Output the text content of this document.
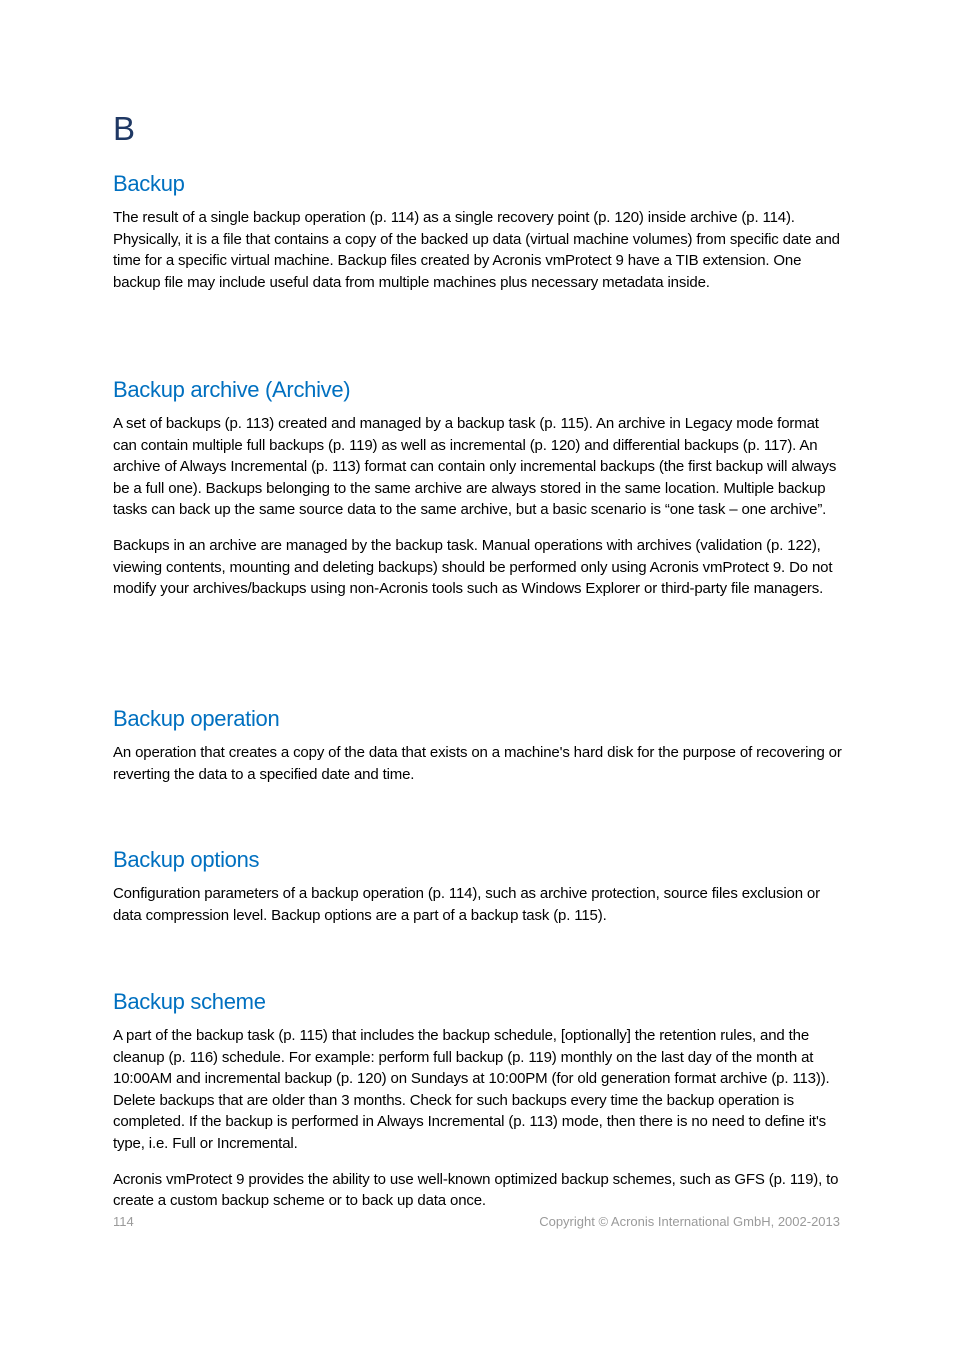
B
Backup

The result of a single backup operation (p. 114) as a single recovery point (p. 120) inside archive (p. 114). Physically, it is a file that contains a copy of the backed up data (virtual machine volumes) from specific date and time for a specific virtual machine. Backup files created by Acronis vmProtect 9 have a TIB extension. One backup file may include useful data from multiple machines plus necessary metadata inside.

Backup archive (Archive)

A set of backups (p. 113) created and managed by a backup task (p. 115). An archive in Legacy mode format can contain multiple full backups (p. 119) as well as incremental (p. 120) and differential backups (p. 117). An archive of Always Incremental (p. 113) format can contain only incremental backups (the first backup will always be a full one). Backups belonging to the same archive are always stored in the same location. Multiple backup tasks can back up the same source data to the same archive, but a basic scenario is “one task – one archive”.

Backups in an archive are managed by the backup task. Manual operations with archives (validation (p. 122), viewing contents, mounting and deleting backups) should be performed only using Acronis vmProtect 9. Do not modify your archives/backups using non-Acronis tools such as Windows Explorer or third-party file managers.

Backup operation

An operation that creates a copy of the data that exists on a machine's hard disk for the purpose of recovering or reverting the data to a specified date and time.

Backup options

Configuration parameters of a backup operation (p. 114), such as archive protection, source files exclusion or data compression level. Backup options are a part of a backup task (p. 115).

Backup scheme

A part of the backup task (p. 115) that includes the backup schedule, [optionally] the retention rules, and the cleanup (p. 116) schedule. For example: perform full backup (p. 119) monthly on the last day of the month at 10:00AM and incremental backup (p. 120) on Sundays at 10:00PM (for old generation format archive (p. 113)). Delete backups that are older than 3 months. Check for such backups every time the backup operation is completed. If the backup is performed in Always Incremental (p. 113) mode, then there is no need to define it's type, i.e. Full or Incremental.

Acronis vmProtect 9 provides the ability to use well-known optimized backup schemes, such as GFS (p. 119), to create a custom backup scheme or to back up data once.

114	Copyright © Acronis International GmbH, 2002-2013
